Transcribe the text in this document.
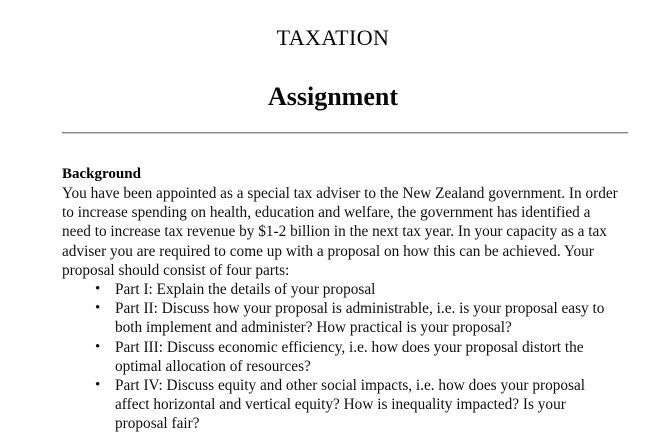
TAXATION
Assignment
Background

You have been appointed as a special tax adviser to the New Zealand government. In order to increase spending on health, education and welfare, the government has identified a need to increase tax revenue by $1-2 billion in the next tax year. In your capacity as a tax adviser you are required to come up with a proposal on how this can be achieved. Your proposal should consist of four parts:

• Part I: Explain the details of your proposal
• Part II: Discuss how your proposal is administrable, i.e. is your proposal easy to both implement and administer? How practical is your proposal?
• Part III: Discuss economic efficiency, i.e. how does your proposal distort the optimal allocation of resources?
• Part IV: Discuss equity and other social impacts, i.e. how does your proposal affect horizontal and vertical equity? How is inequality impacted? Is your proposal fair?
